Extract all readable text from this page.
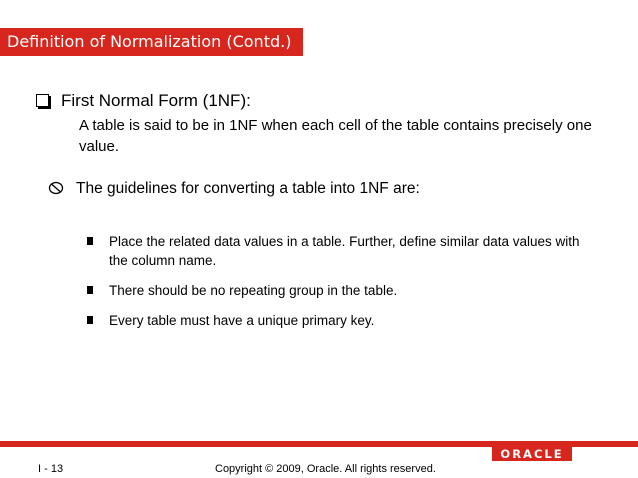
Definition of Normalization (Contd.)
First Normal Form (1NF):
A table is said to be in 1NF when each cell of the table contains precisely one value.
The guidelines for converting a table into 1NF are:
Place the related data values in a table. Further, define similar data values with the column name.
There should be no repeating group in the table.
Every table must have a unique primary key.
ORACLE
I - 13	Copyright © 2009, Oracle. All rights reserved.
